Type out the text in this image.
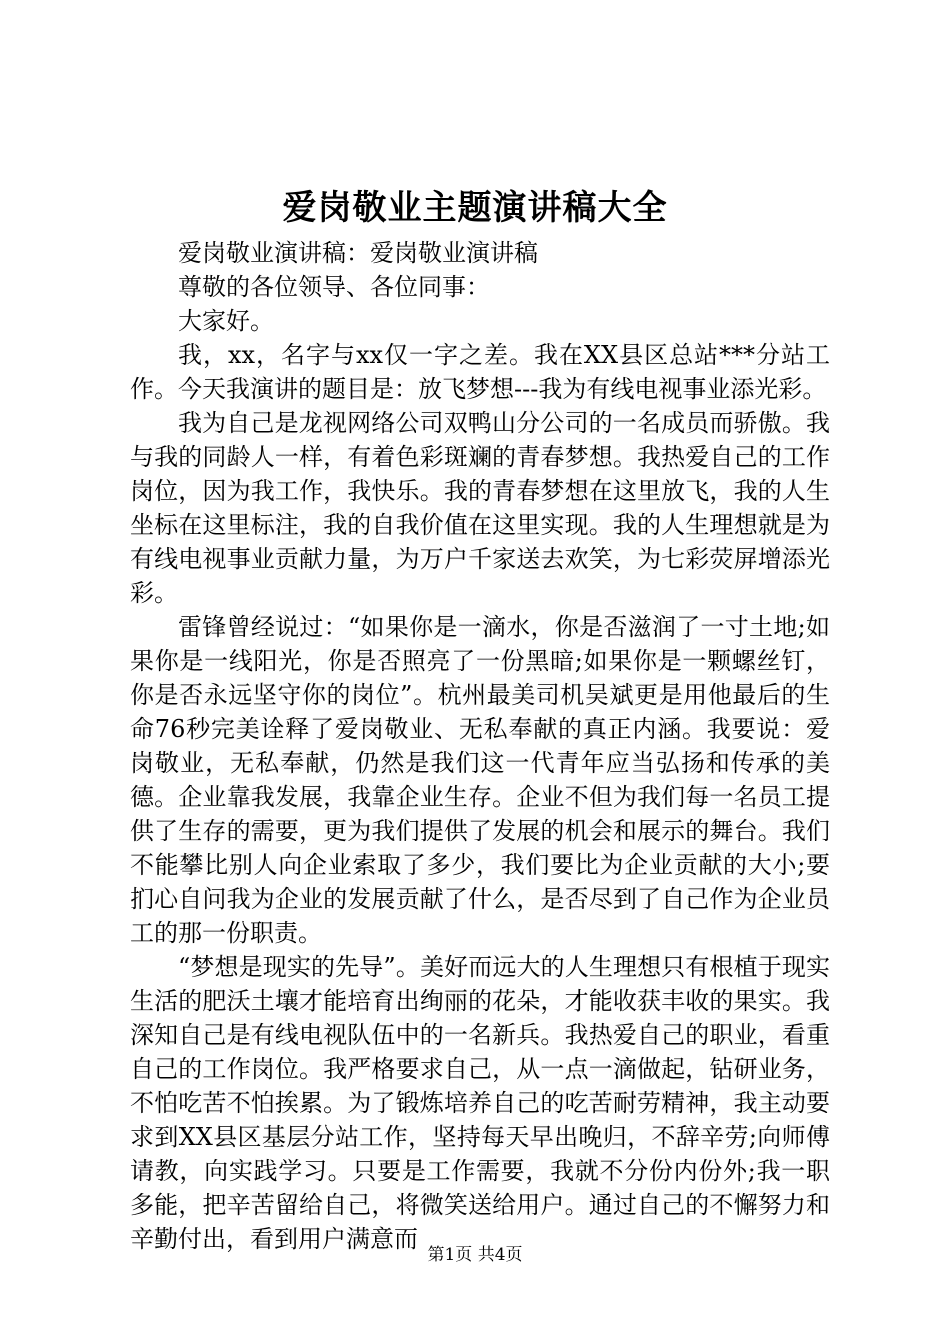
爱岗敬业主题演讲稿大全

爱岗敬业演讲稿：爱岗敬业演讲稿

尊敬的各位领导、各位同事：

大家好。

我，xx，名字与xx仅一字之差。我在XX县区总站***分站工作。今天我演讲的题目是：放飞梦想---我为有线电视事业添光彩。

我为自己是龙视网络公司双鸭山分公司的一名成员而骄傲。我与我的同龄人一样，有着色彩斑斓的青春梦想。我热爱自己的工作岗位，因为我工作，我快乐。我的青春梦想在这里放飞，我的人生坐标在这里标注，我的自我价值在这里实现。我的人生理想就是为有线电视事业贡献力量，为万户千家送去欢笑，为七彩荧屏增添光彩。

雷锋曾经说过：“如果你是一滴水，你是否滋润了一寸土地;如果你是一线阳光，你是否照亮了一份黑暗;如果你是一颗螺丝钉，你是否永远坚守你的岗位”。杭州最美司机吴斌更是用他最后的生命76秒完美诠释了爱岗敬业、无私奉献的真正内涵。我要说：爱岗敬业，无私奉献，仍然是我们这一代青年应当弘扬和传承的美德。企业靠我发展，我靠企业生存。企业不但为我们每一名员工提供了生存的需要，更为我们提供了发展的机会和展示的舞台。我们不能攀比别人向企业索取了多少，我们要比为企业贡献的大小;要扪心自问我为企业的发展贡献了什么，是否尽到了自己作为企业员工的那一份职责。

“梦想是现实的先导”。美好而远大的人生理想只有根植于现实生活的肥沃土壤才能培育出绚丽的花朵，才能收获丰收的果实。我深知自己是有线电视队伍中的一名新兵。我热爱自己的职业，看重自己的工作岗位。我严格要求自己，从一点一滴做起，钻研业务，不怕吃苦不怕挨累。为了锻炼培养自己的吃苦耐劳精神，我主动要求到XX县区基层分站工作，坚持每天早出晚归，不辞辛劳;向师傅请教，向实践学习。只要是工作需要，我就不分份内份外;我一职多能，把辛苦留给自己，将微笑送给用户。通过自己的不懈努力和辛勤付出，看到用户满意而

第1页 共4页
